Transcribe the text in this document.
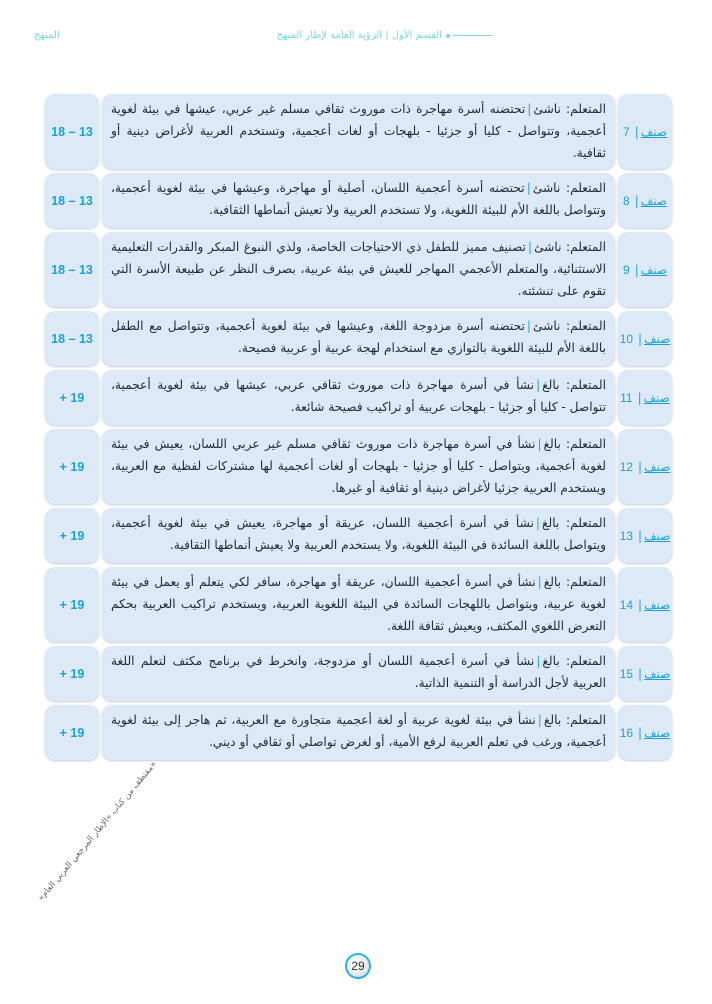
القسم الأول | الرؤية العامة لإطار المنهج
المنهج
صنف
|
7
المتعلم: ناشئ|تحتضنه أسرة مهاجرة ذات موروث ثقافي مسلم غير عربي، عيشها في بيئة لغوية أعجمية، وتتواصل - كليا أو جزئيا - بلهجات أو لغات أعجمية، وتستخدم العربية لأغراض دينية أو ثقافية.
18 – 13
صنف
|
8
المتعلم: ناشئ|تحتضنه أسرة أعجمية اللسان، أصلية أو مهاجرة، وعيشها في بيئة لغوية أعجمية، وتتواصل باللغة الأم للبيئة اللغوية، ولا تستخدم العربية ولا تعيش أنماطها الثقافية.
18 – 13
صنف
|
9
المتعلم: ناشئ|تصنيف مميز للطفل ذي الاحتياجات الخاصة، ولذي النبوغ المبكر والقدرات التعليمية الاستثنائية، والمتعلم الأعجمي المهاجر للعيش في بيئة عربية، بصرف النظر عن طبيعة الأسرة التي تقوم على تنشئته.
18 – 13
صنف
|
10
المتعلم: ناشئ|تحتضنه أسرة مزدوجة اللغة، وعيشها في بيئة لغوية أعجمية، وتتواصل مع الطفل باللغة الأم للبيئة اللغوية بالتوازي مع استخدام لهجة عربية أو عربية فصيحة.
18 – 13
صنف
|
11
المتعلم: بالغ|نشأ في أسرة مهاجرة ذات موروث ثقافي عربي، عيشها في بيئة لغوية أعجمية، تتواصل - كليا أو جزئيا - بلهجات عربية أو تراكيب فصيحة شائعة.
+ 19
صنف
|
12
المتعلم: بالغ|نشأ في أسرة مهاجرة ذات موروث ثقافي مسلم غير عربي اللسان، يعيش في بيئة لغوية أعجمية، ويتواصل - كليا أو جزئيا - بلهجات أو لغات أعجمية لها مشتركات لفظية مع العربية، ويستخدم العربية جزئيا لأغراض دينية أو ثقافية أو غيرها.
+ 19
صنف
|
13
المتعلم: بالغ|نشأ في أسرة أعجمية اللسان، عريقة أو مهاجرة، يعيش في بيئة لغوية أعجمية، ويتواصل باللغة السائدة في البيئة اللغوية، ولا يستخدم العربية ولا يعيش أنماطها الثقافية.
+ 19
صنف
|
14
المتعلم: بالغ|نشأ في أسرة أعجمية اللسان، عريقة أو مهاجرة، سافر لكي يتعلم أو يعمل في بيئة لغوية عربية، ويتواصل باللهجات السائدة في البيئة اللغوية العربية، ويستخدم تراكيب العربية بحكم التعرض اللغوي المكثف، ويعيش ثقافة اللغة.
+ 19
صنف
|
15
المتعلم: بالغ|نشأ في أسرة أعجمية اللسان أو مزدوجة، وانخرط في برنامج مكثف لتعلم اللغة العربية لأجل الدراسة أو التنمية الذاتية.
+ 19
صنف
|
16
المتعلم: بالغ|نشأ في بيئة لغوية عربية أو لغة أعجمية متجاورة مع العربية، ثم هاجر إلى بيئة لغوية أعجمية، ورغب في تعلم العربية لرفع الأمية، أو لغرض تواصلي أو ثقافي أو ديني.
+ 19
«مقتطف من كتاب «الإطار المرجعي العربي العام»
29
